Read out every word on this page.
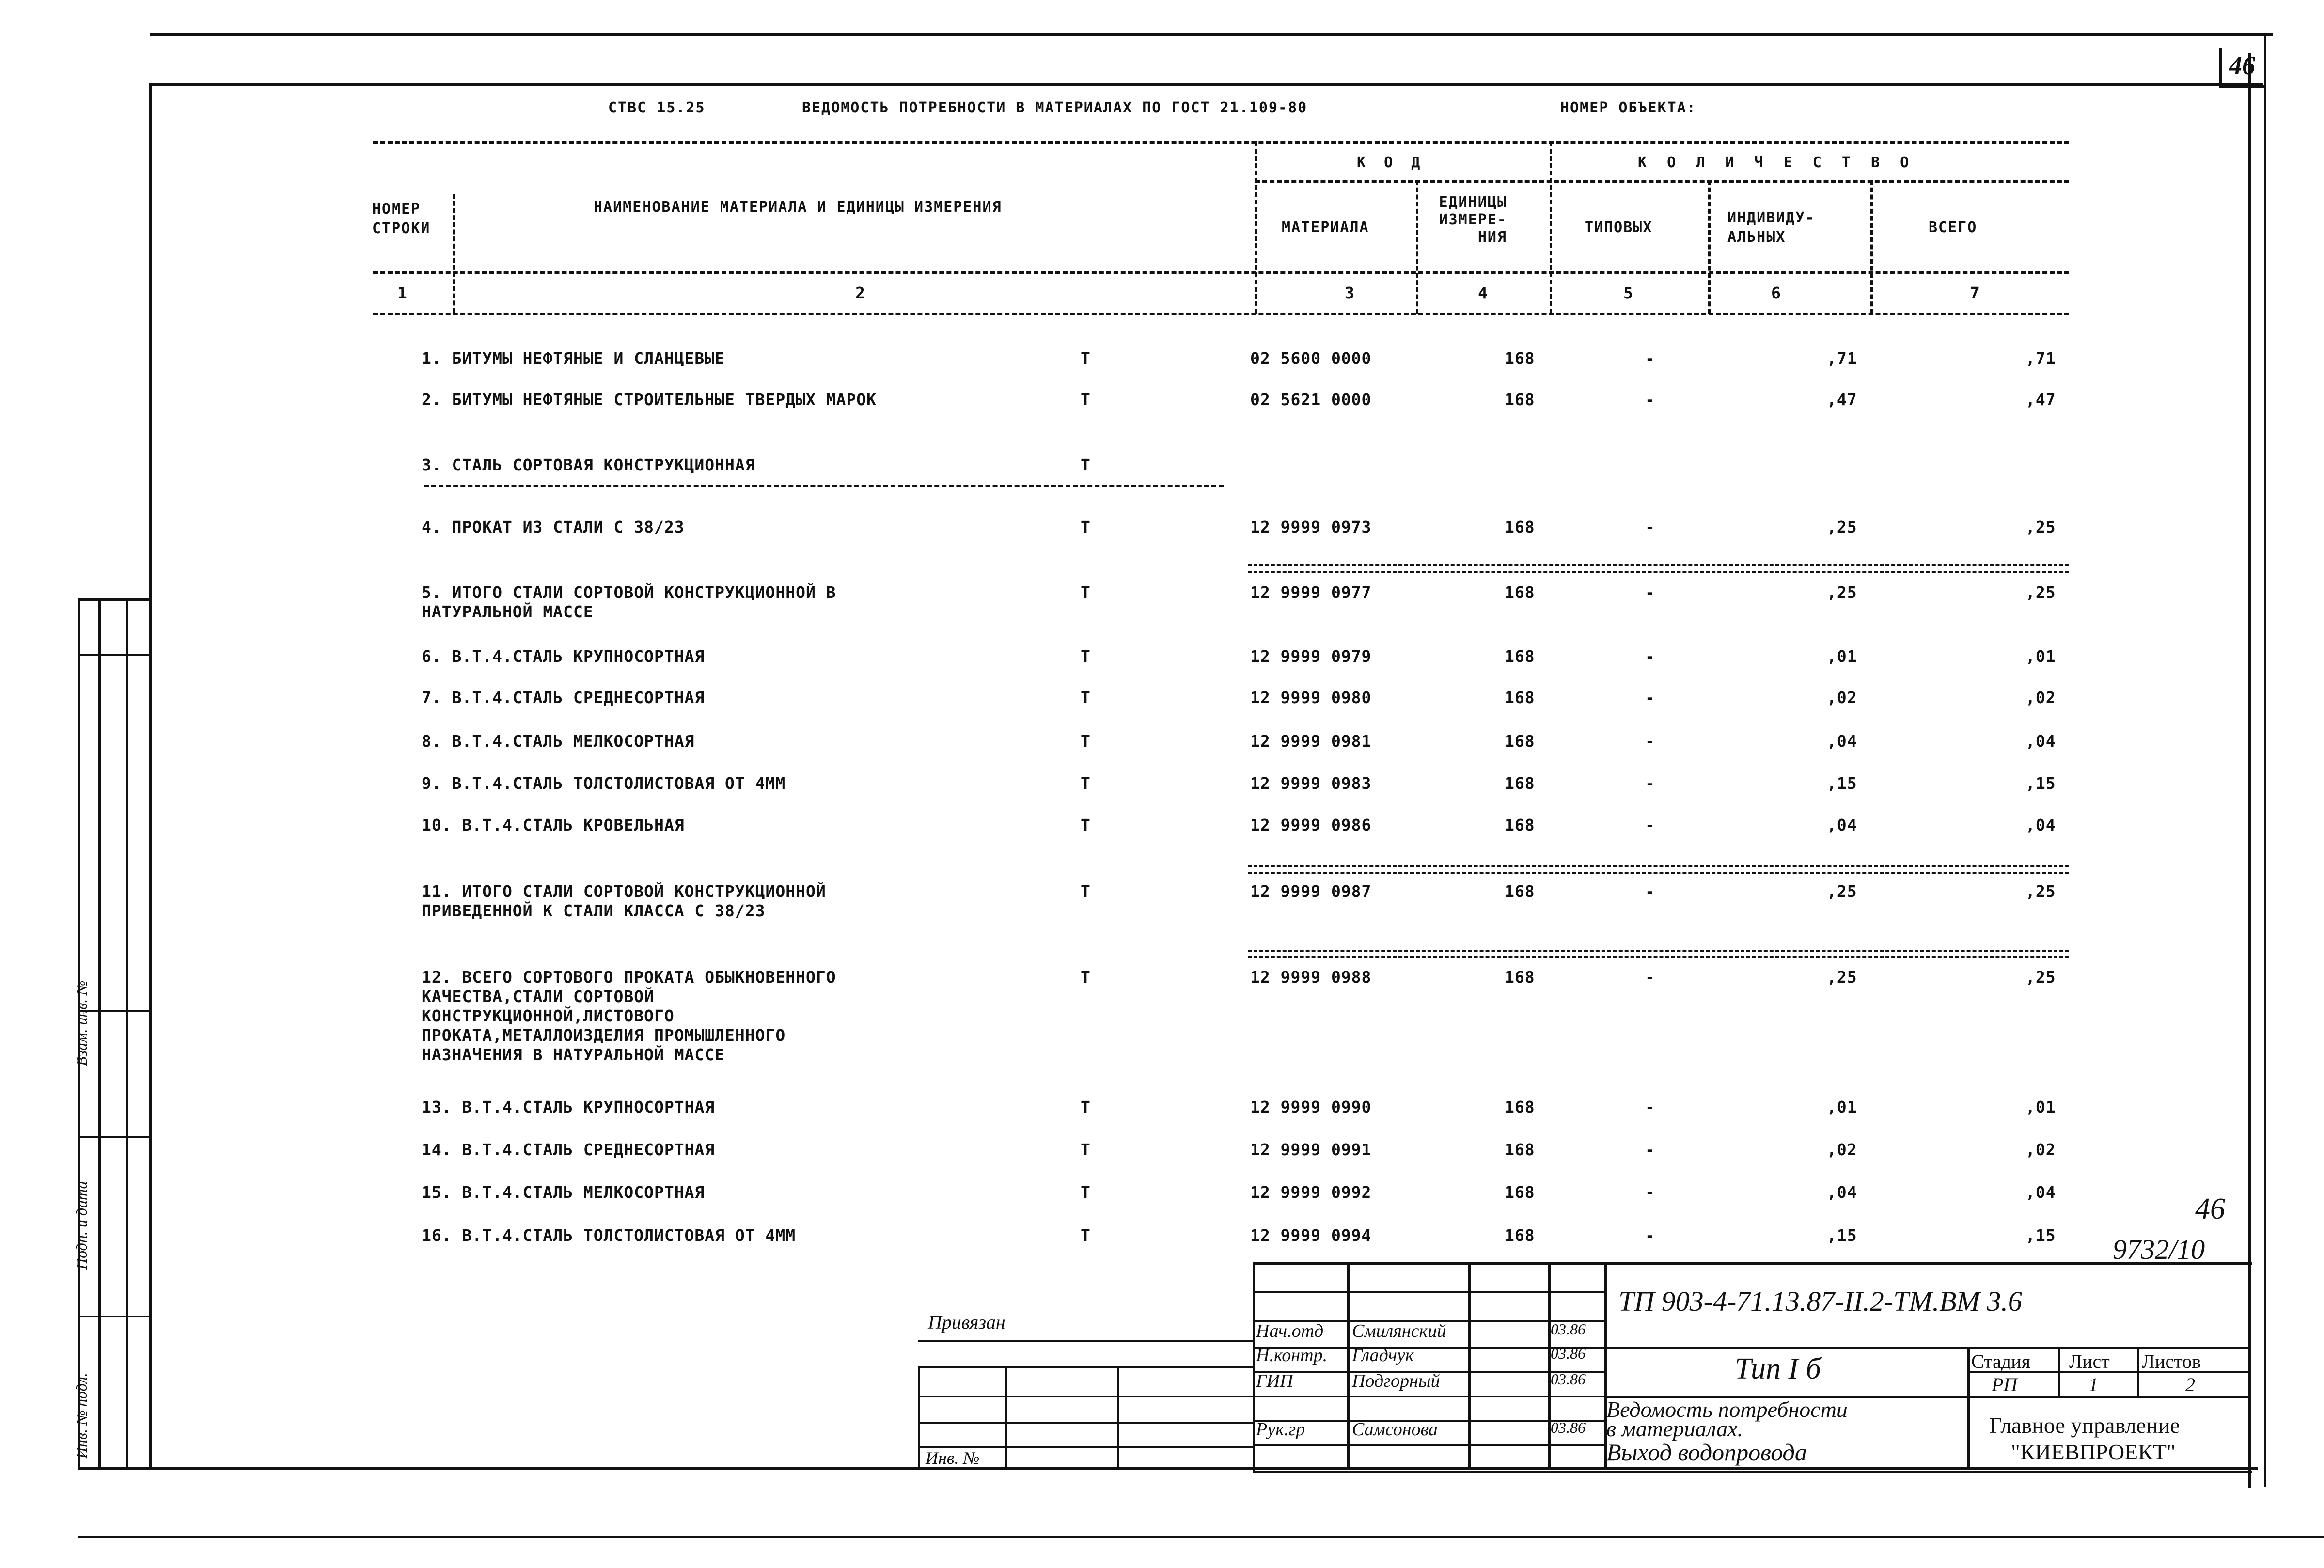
46
Взам. инв. №
Подп. и дата
Инв. № подл.
СТВС 15.25	ВЕДОМОСТЬ ПОТРЕБНОСТИ В МАТЕРИАЛАХ ПО ГОСТ 21.109-80	НОМЕР ОБЪЕКТА:
НОМЕР СТРОКИ
НАИМЕНОВАНИЕ МАТЕРИАЛА И ЕДИНИЦЫ ИЗМЕРЕНИЯ
К О Д
МАТЕРИАЛА
ЕДИНИЦЫ ИЗМЕРЕ- НИЯ
К О Л И Ч Е С Т В О
ТИПОВЫХ
ИНДИВИДУ- АЛЬНЫХ
ВСЕГО
1	2	3	4	5	6	7
1. БИТУМЫ НЕФТЯНЫЕ И СЛАНЦЕВЫЕ	Т	02 5600 0000	168	-	,71	,71
2. БИТУМЫ НЕФТЯНЫЕ СТРОИТЕЛЬНЫЕ ТВЕРДЫХ МАРОК	Т	02 5621 0000	168	-	,47	,47
3. СТАЛЬ СОРТОВАЯ КОНСТРУКЦИОННАЯ	Т
4. ПРОКАТ ИЗ СТАЛИ С 38/23	Т	12 9999 0973	168	-	,25	,25
5. ИТОГО СТАЛИ СОРТОВОЙ КОНСТРУКЦИОННОЙ В
НАТУРАЛЬНОЙ МАССЕ
Т	12 9999 0977	168	-	,25	,25
6. В.Т.4.СТАЛЬ КРУПНОСОРТНАЯ	Т	12 9999 0979	168	-	,01	,01
7. В.Т.4.СТАЛЬ СРЕДНЕСОРТНАЯ	Т	12 9999 0980	168	-	,02	,02
8. В.Т.4.СТАЛЬ МЕЛКОСОРТНАЯ	Т	12 9999 0981	168	-	,04	,04
9. В.Т.4.СТАЛЬ ТОЛСТОЛИСТОВАЯ ОТ 4ММ	Т	12 9999 0983	168	-	,15	,15
10. В.Т.4.СТАЛЬ КРОВЕЛЬНАЯ	Т	12 9999 0986	168	-	,04	,04
11. ИТОГО СТАЛИ СОРТОВОЙ КОНСТРУКЦИОННОЙ
ПРИВЕДЕННОЙ К СТАЛИ КЛАССА С 38/23
Т	12 9999 0987	168	-	,25	,25
12. ВСЕГО СОРТОВОГО ПРОКАТА ОБЫКНОВЕННОГО
КАЧЕСТВА,СТАЛИ СОРТОВОЙ
КОНСТРУКЦИОННОЙ,ЛИСТОВОГО
ПРОКАТА,МЕТАЛЛОИЗДЕЛИЯ ПРОМЫШЛЕННОГО
НАЗНАЧЕНИЯ В НАТУРАЛЬНОЙ МАССЕ
Т	12 9999 0988	168	-	,25	,25
13. В.Т.4.СТАЛЬ КРУПНОСОРТНАЯ	Т	12 9999 0990	168	-	,01	,01
14. В.Т.4.СТАЛЬ СРЕДНЕСОРТНАЯ	Т	12 9999 0991	168	-	,02	,02
15. В.Т.4.СТАЛЬ МЕЛКОСОРТНАЯ	Т	12 9999 0992	168	-	,04	,04
16. В.Т.4.СТАЛЬ ТОЛСТОЛИСТОВАЯ ОТ 4ММ	Т	12 9999 0994	168	-	,15	,15
46
9732/10
ТП 903-4-71.13.87-II.2-ТМ.ВМ 3.6
Тип I б
Ведомость потребности
в материалах.
Выход водопровода
Стадия Лист Листов
РП	1	2
Главное управление
"КИЕВПРОЕКТ"
Нач.отд Смилянский	03.86
Н.контр. Гладчук	03.86
ГИП	Подгорный	03.86
Рук.гр	Самсонова	03.86
Привязан
Инв. №
